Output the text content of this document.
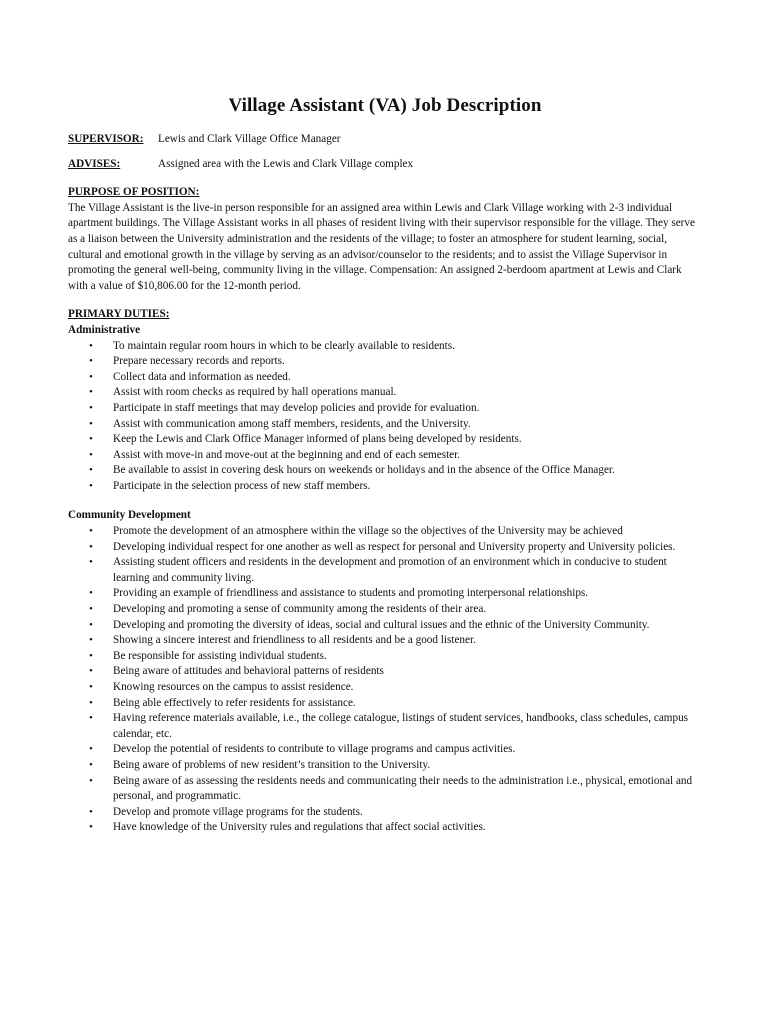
Village Assistant (VA) Job Description
SUPERVISOR:	Lewis and Clark Village Office Manager
ADVISES:	Assigned area with the Lewis and Clark Village complex
PURPOSE OF POSITION:

The Village Assistant is the live-in person responsible for an assigned area within Lewis and Clark Village working with 2-3 individual apartment buildings. The Village Assistant works in all phases of resident living with their supervisor responsible for the village. They serve as a liaison between the University administration and the residents of the village; to foster an atmosphere for student learning, social, cultural and emotional growth in the village by serving as an advisor/counselor to the residents; and to assist the Village Supervisor in promoting the general well-being, community living in the village. Compensation: An assigned 2-berdoom apartment at Lewis and Clark with a value of $10,806.00 for the 12-month period.

PRIMARY DUTIES:
Administrative
• To maintain regular room hours in which to be clearly available to residents.
• Prepare necessary records and reports.
• Collect data and information as needed.
• Assist with room checks as required by hall operations manual.
• Participate in staff meetings that may develop policies and provide for evaluation.
• Assist with communication among staff members, residents, and the University.
• Keep the Lewis and Clark Office Manager informed of plans being developed by residents.
• Assist with move-in and move-out at the beginning and end of each semester.
• Be available to assist in covering desk hours on weekends or holidays and in the absence of the Office Manager.
• Participate in the selection process of new staff members.
Community Development
• Promote the development of an atmosphere within the village so the objectives of the University may be achieved
• Developing individual respect for one another as well as respect for personal and University property and University policies.
• Assisting student officers and residents in the development and promotion of an environment which in conducive to student learning and community living.
• Providing an example of friendliness and assistance to students and promoting interpersonal relationships.
• Developing and promoting a sense of community among the residents of their area.
• Developing and promoting the diversity of ideas, social and cultural issues and the ethnic of the University Community.
• Showing a sincere interest and friendliness to all residents and be a good listener.
• Be responsible for assisting individual students.
• Being aware of attitudes and behavioral patterns of residents
• Knowing resources on the campus to assist residence.
• Being able effectively to refer residents for assistance.
• Having reference materials available, i.e., the college catalogue, listings of student services, handbooks, class schedules, campus calendar, etc.
• Develop the potential of residents to contribute to village programs and campus activities.
• Being aware of problems of new resident’s transition to the University.
• Being aware of as assessing the residents needs and communicating their needs to the administration i.e., physical, emotional and personal, and programmatic.
• Develop and promote village programs for the students.
• Have knowledge of the University rules and regulations that affect social activities.
